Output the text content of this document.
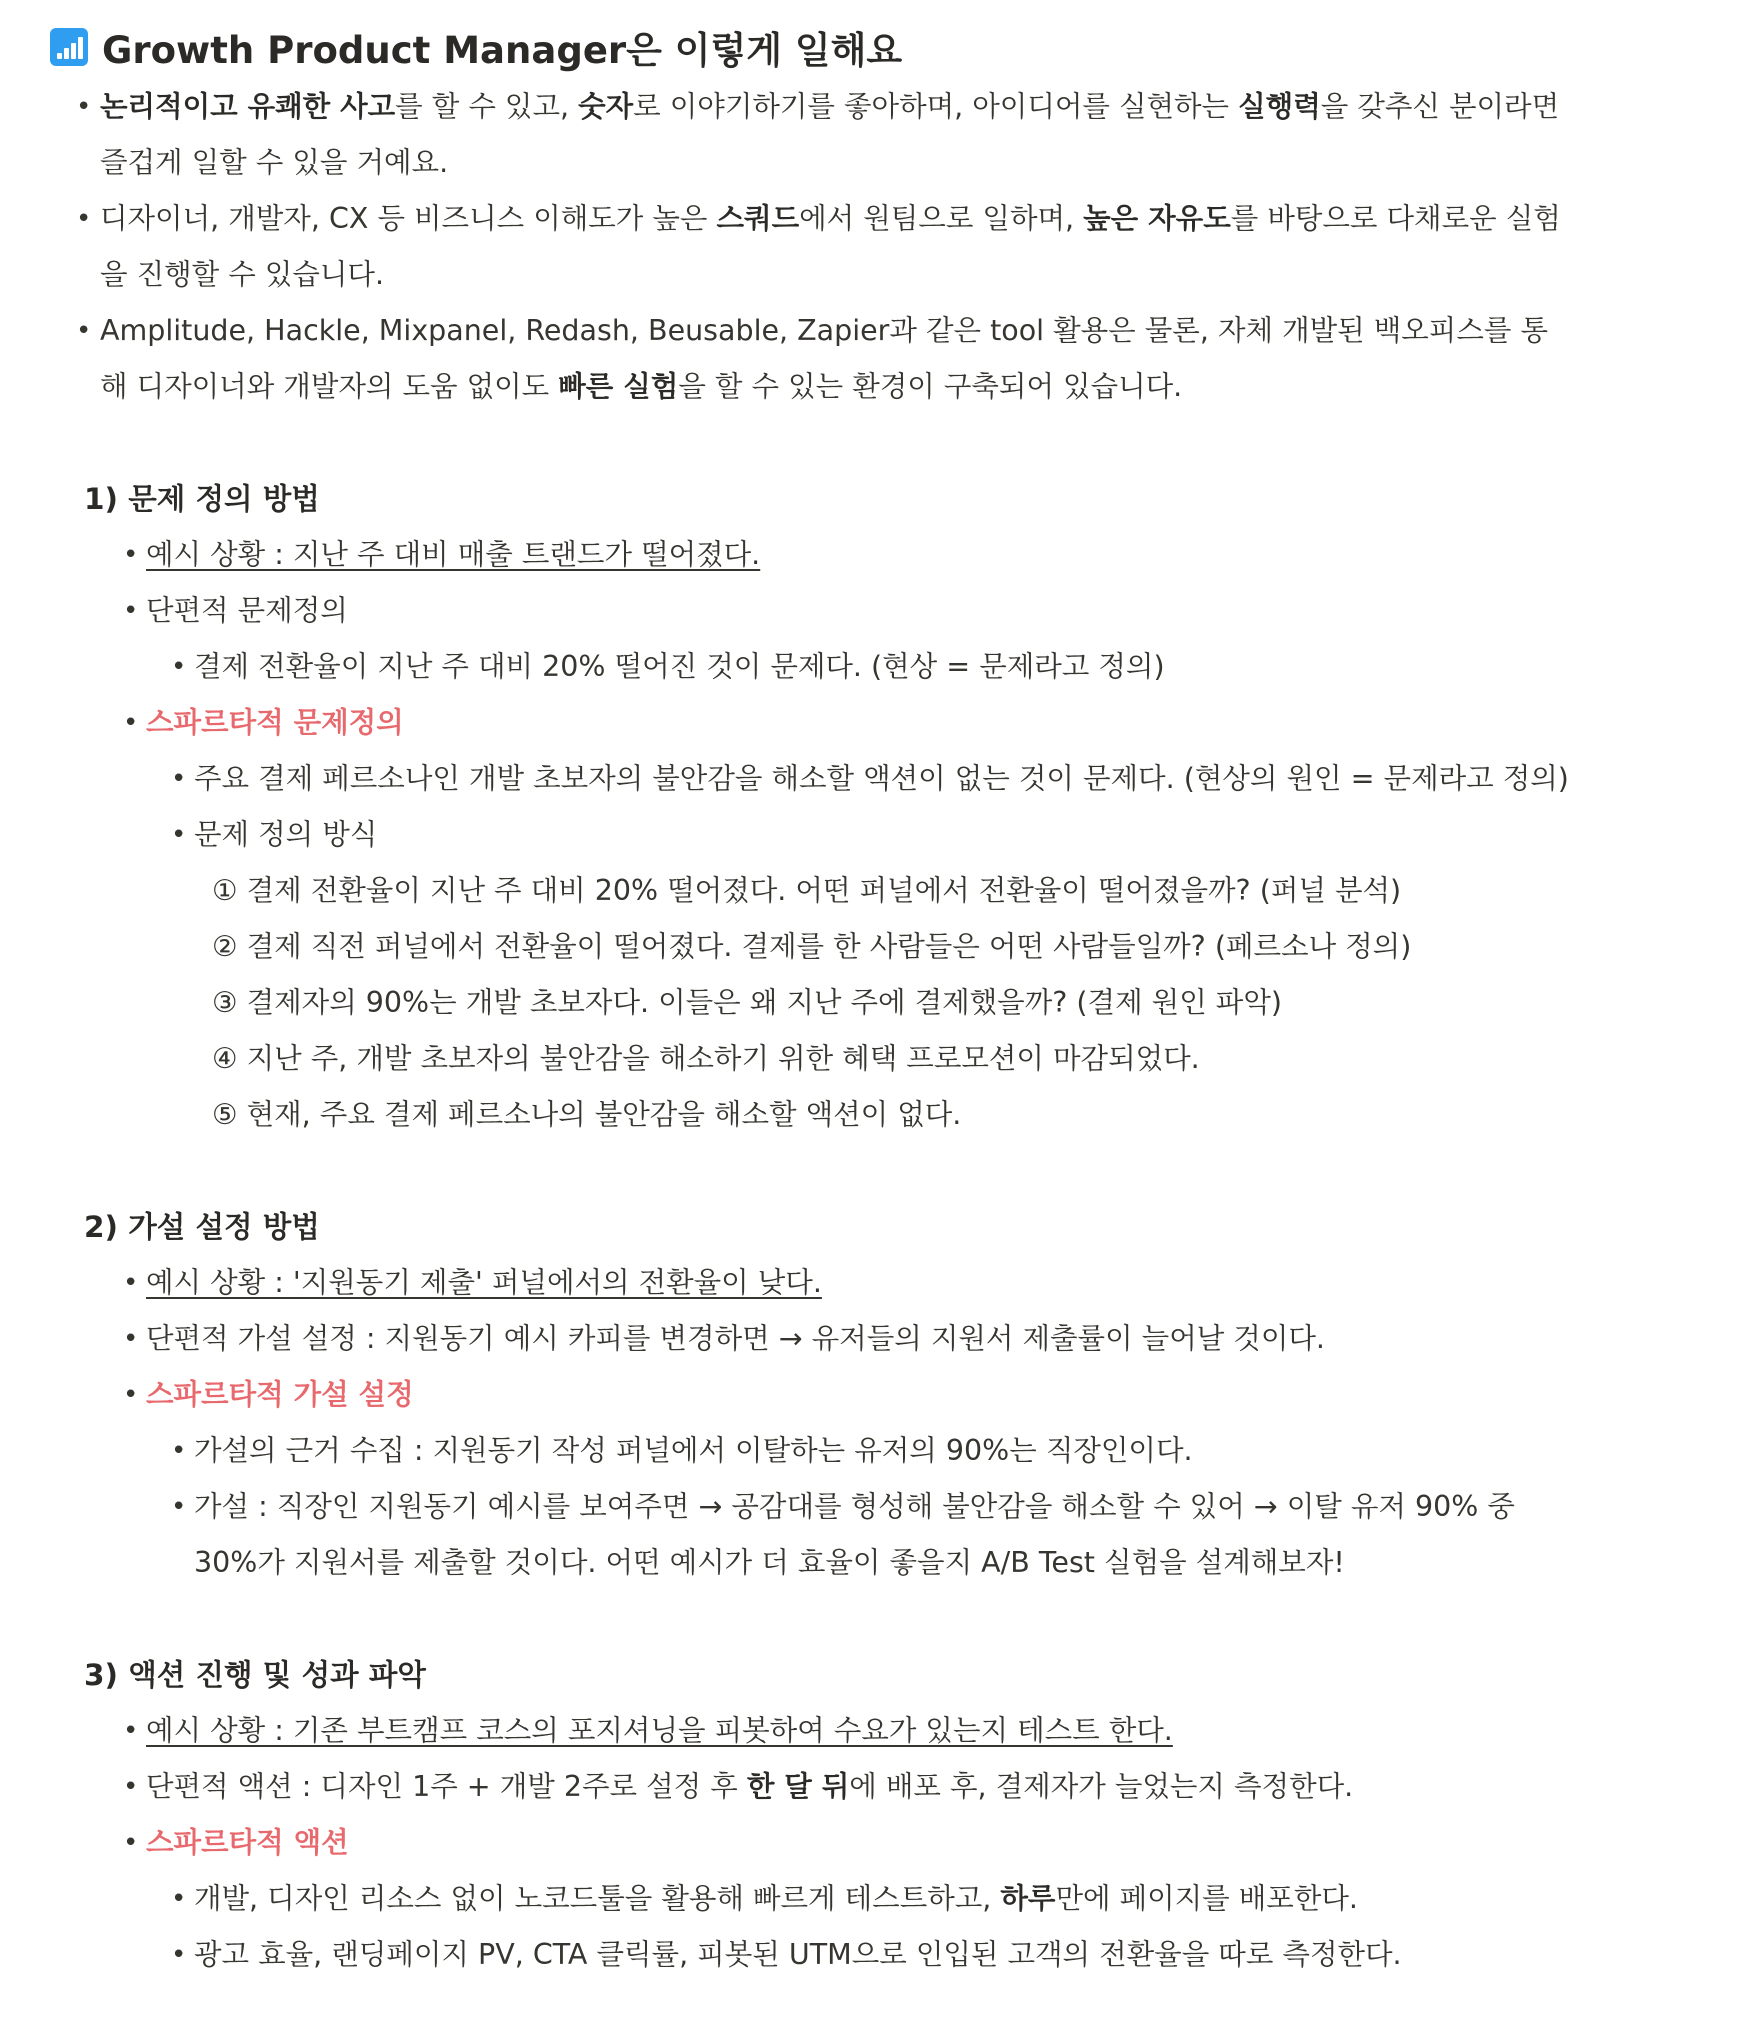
Growth Product Manager은 이렇게 일해요
• 논리적이고 유쾌한 사고를 할 수 있고, 숫자로 이야기하기를 좋아하며, 아이디어를 실현하는 실행력을 갖추신 분이라면
즐겁게 일할 수 있을 거예요.
• 디자이너, 개발자, CX 등 비즈니스 이해도가 높은 스쿼드에서 원팀으로 일하며, 높은 자유도를 바탕으로 다채로운 실험
을 진행할 수 있습니다.
• Amplitude, Hackle, Mixpanel, Redash, Beusable, Zapier과 같은 tool 활용은 물론, 자체 개발된 백오피스를 통
해 디자이너와 개발자의 도움 없이도 빠른 실험을 할 수 있는 환경이 구축되어 있습니다.
1) 문제 정의 방법
• 예시 상황 : 지난 주 대비 매출 트랜드가 떨어졌다.
• 단편적 문제정의
• 결제 전환율이 지난 주 대비 20% 떨어진 것이 문제다. (현상 = 문제라고 정의)
• 스파르타적 문제정의
• 주요 결제 페르소나인 개발 초보자의 불안감을 해소할 액션이 없는 것이 문제다. (현상의 원인 = 문제라고 정의)
• 문제 정의 방식
① 결제 전환율이 지난 주 대비 20% 떨어졌다. 어떤 퍼널에서 전환율이 떨어졌을까? (퍼널 분석)
② 결제 직전 퍼널에서 전환율이 떨어졌다. 결제를 한 사람들은 어떤 사람들일까? (페르소나 정의)
③ 결제자의 90%는 개발 초보자다. 이들은 왜 지난 주에 결제했을까? (결제 원인 파악)
④ 지난 주, 개발 초보자의 불안감을 해소하기 위한 혜택 프로모션이 마감되었다.
⑤ 현재, 주요 결제 페르소나의 불안감을 해소할 액션이 없다.
2) 가설 설정 방법
• 예시 상황 : '지원동기 제출' 퍼널에서의 전환율이 낮다.
• 단편적 가설 설정 : 지원동기 예시 카피를 변경하면 → 유저들의 지원서 제출률이 늘어날 것이다.
• 스파르타적 가설 설정
• 가설의 근거 수집 : 지원동기 작성 퍼널에서 이탈하는 유저의 90%는 직장인이다.
• 가설 : 직장인 지원동기 예시를 보여주면 → 공감대를 형성해 불안감을 해소할 수 있어 → 이탈 유저 90% 중
30%가 지원서를 제출할 것이다. 어떤 예시가 더 효율이 좋을지 A/B Test 실험을 설계해보자!
3) 액션 진행 및 성과 파악
• 예시 상황 : 기존 부트캠프 코스의 포지셔닝을 피봇하여 수요가 있는지 테스트 한다.
• 단편적 액션 : 디자인 1주 + 개발 2주로 설정 후 한 달 뒤에 배포 후, 결제자가 늘었는지 측정한다.
• 스파르타적 액션
• 개발, 디자인 리소스 없이 노코드툴을 활용해 빠르게 테스트하고, 하루만에 페이지를 배포한다.
• 광고 효율, 랜딩페이지 PV, CTA 클릭률, 피봇된 UTM으로 인입된 고객의 전환율을 따로 측정한다.
